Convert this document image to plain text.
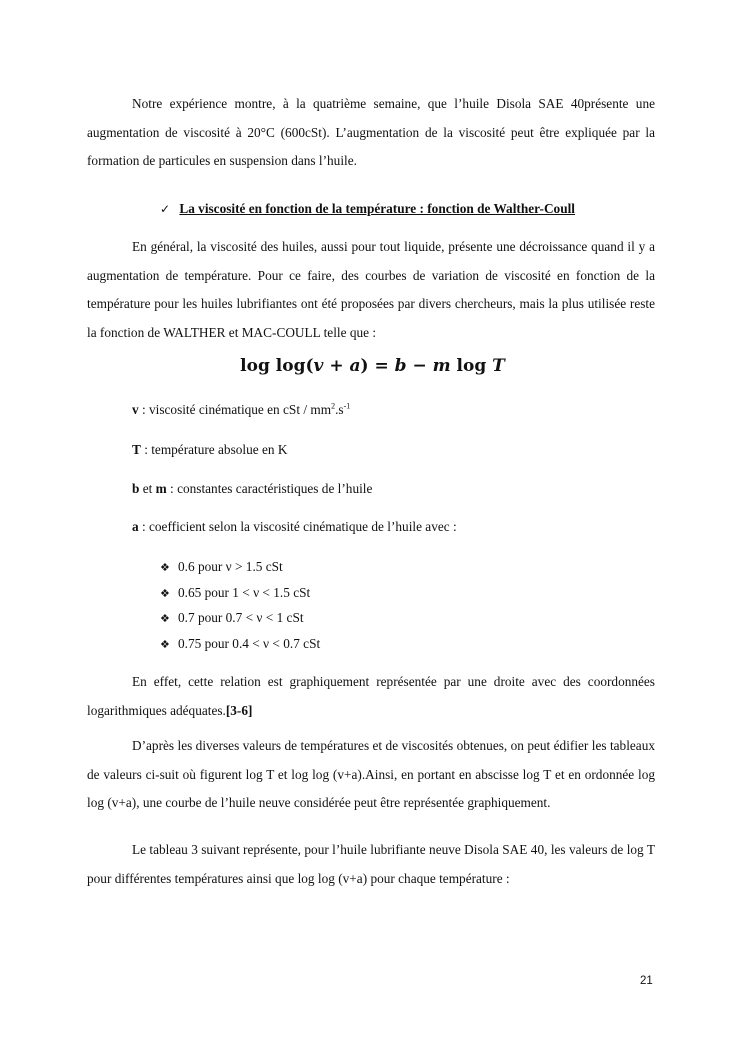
Notre expérience montre, à la quatrième semaine, que l’huile Disola SAE 40présente une augmentation de viscosité à 20°C (600cSt). L’augmentation de la viscosité peut être expliquée par la formation de particules en suspension dans l’huile.

✓ La viscosité en fonction de la température : fonction de Walther-Coull

En général, la viscosité des huiles, aussi pour tout liquide, présente une décroissance quand il y a augmentation de température. Pour ce faire, des courbes de variation de viscosité en fonction de la température pour les huiles lubrifiantes ont été proposées par divers chercheurs, mais la plus utilisée reste la fonction de WALTHER et MAC-COULL telle que :

log log(v + a) = b − m log T

v : viscosité cinématique en cSt / $mm^2.s^{-1}$

T : température absolue en K

b et m : constantes caractéristiques de l’huile

a : coefficient selon la viscosité cinématique de l’huile avec :

❖ 0.6 pour ν > 1.5 cSt
❖ 0.65 pour 1 < ν < 1.5 cSt
❖ 0.7 pour 0.7 < ν < 1 cSt
❖ 0.75 pour 0.4 < ν < 0.7 cSt

En effet, cette relation est graphiquement représentée par une droite avec des coordonnées logarithmiques adéquates.[3-6]

D’après les diverses valeurs de températures et de viscosités obtenues, on peut édifier les tableaux de valeurs ci-suit où figurent log T et log log (v+a).Ainsi, en portant en abscisse log T et en ordonnée log log (v+a), une courbe de l’huile neuve considérée peut être représentée graphiquement.

Le tableau 3 suivant représente, pour l’huile lubrifiante neuve Disola SAE 40, les valeurs de log T pour différentes températures ainsi que log log (v+a) pour chaque température :

21
